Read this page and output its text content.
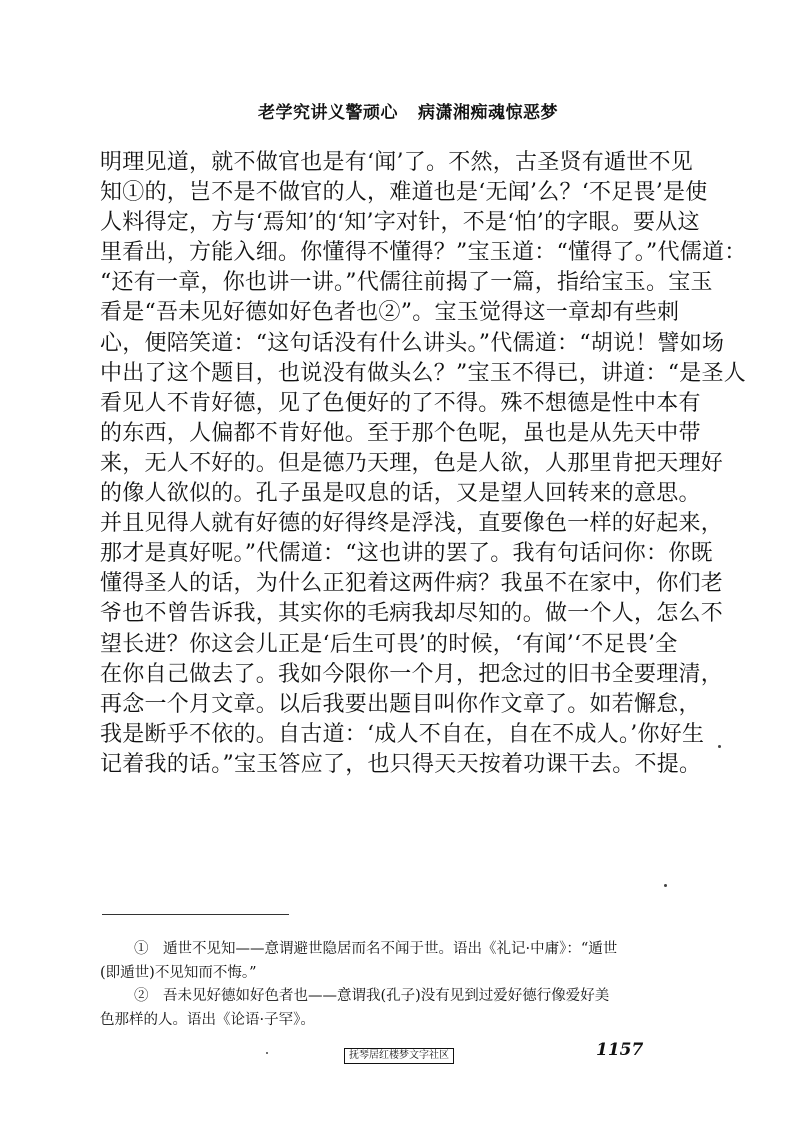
老学究讲义警顽心 病潇湘痴魂惊恶梦
明理见道，就不做官也是有‘闻’了。不然，古圣贤有遁世不见
知①的，岂不是不做官的人，难道也是‘无闻’么？‘不足畏’是使
人料得定，方与‘焉知’的‘知’字对针，不是‘怕’的字眼。要从这
里看出，方能入细。你懂得不懂得？”宝玉道：“懂得了。”代儒道：
“还有一章，你也讲一讲。”代儒往前揭了一篇，指给宝玉。宝玉
看是“吾未见好德如好色者也②”。宝玉觉得这一章却有些刺
心，便陪笑道：“这句话没有什么讲头。”代儒道：“胡说！譬如场
中出了这个题目，也说没有做头么？”宝玉不得已，讲道：“是圣人
看见人不肯好德，见了色便好的了不得。殊不想德是性中本有
的东西，人偏都不肯好他。至于那个色呢，虽也是从先天中带
来，无人不好的。但是德乃天理，色是人欲，人那里肯把天理好
的像人欲似的。孔子虽是叹息的话，又是望人回转来的意思。
并且见得人就有好德的好得终是浮浅，直要像色一样的好起来，
那才是真好呢。”代儒道：“这也讲的罢了。我有句话问你：你既
懂得圣人的话，为什么正犯着这两件病？我虽不在家中，你们老
爷也不曾告诉我，其实你的毛病我却尽知的。做一个人，怎么不
望长进？你这会儿正是‘后生可畏’的时候，‘有闻’‘不足畏’全
在你自己做去了。我如今限你一个月，把念过的旧书全要理清，
再念一个月文章。以后我要出题目叫你作文章了。如若懈怠，
我是断乎不依的。自古道：‘成人不自在，自在不成人。’你好生
记着我的话。”宝玉答应了，也只得天天按着功课干去。不提。
①　遁世不见知——意谓避世隐居而名不闻于世。语出《礼记·中庸》：“遁世
(即遁世)不见知而不悔。”
②　吾未见好德如好色者也——意谓我(孔子)没有见到过爱好德行像爱好美
色那样的人。语出《论语·子罕》。
抚琴居红楼梦文字社区	1157
